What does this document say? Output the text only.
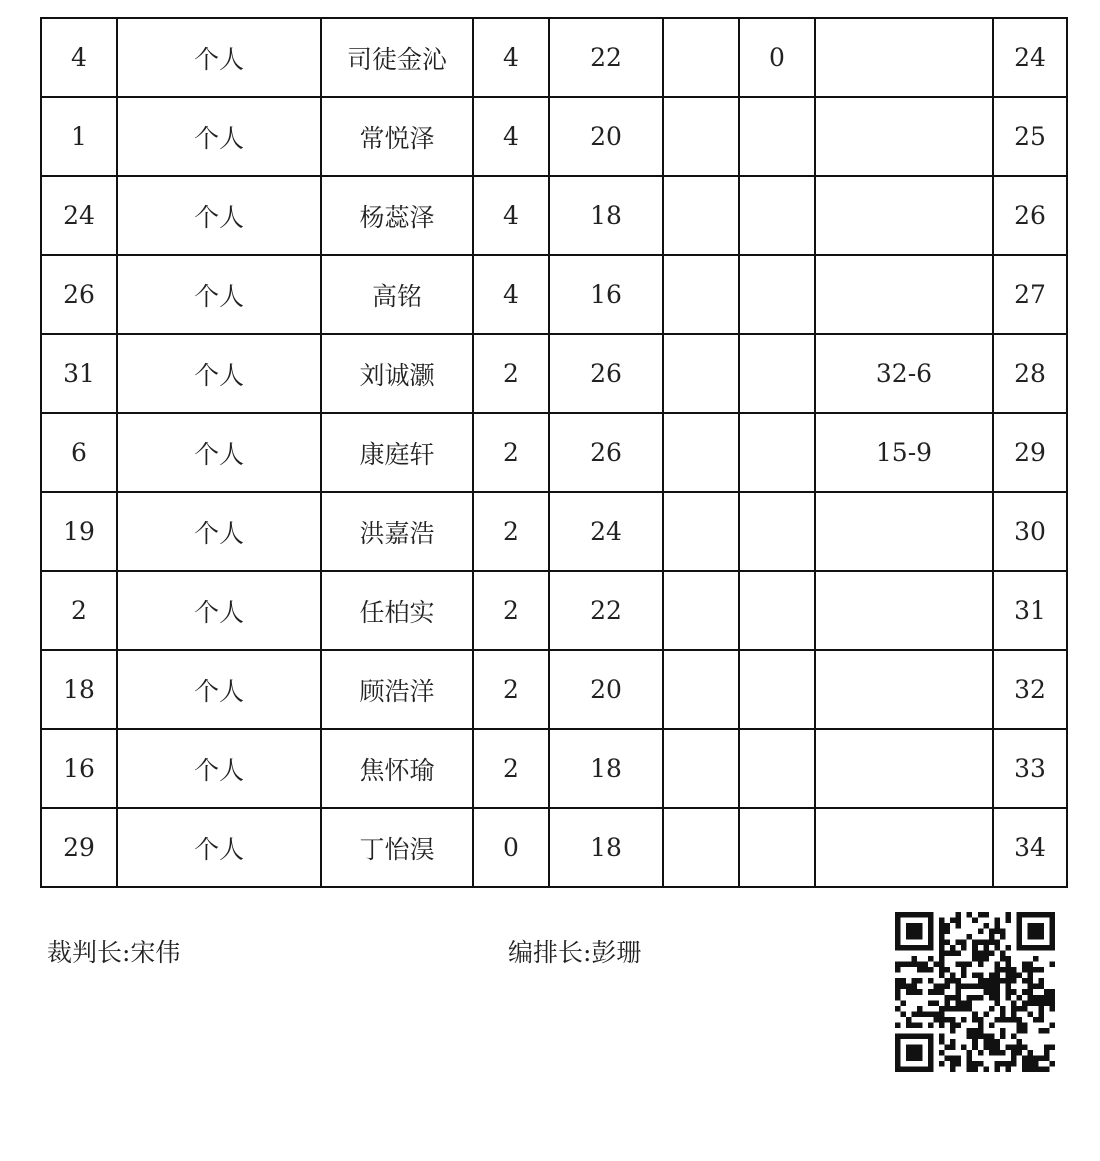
4	个人	司徒金沁	4	22		0		24
1	个人	常悦泽	4	20				25
24	个人	杨蕊泽	4	18				26
26	个人	高铭	4	16				27
31	个人	刘诚灏	2	26			32-6	28
6	个人	康庭轩	2	26			15-9	29
19	个人	洪嘉浩	2	24				30
2	个人	任柏实	2	22				31
18	个人	顾浩洋	2	20				32
16	个人	焦怀瑜	2	18				33
29	个人	丁怡淏	0	18				34
裁判长:宋伟	编排长:彭珊
